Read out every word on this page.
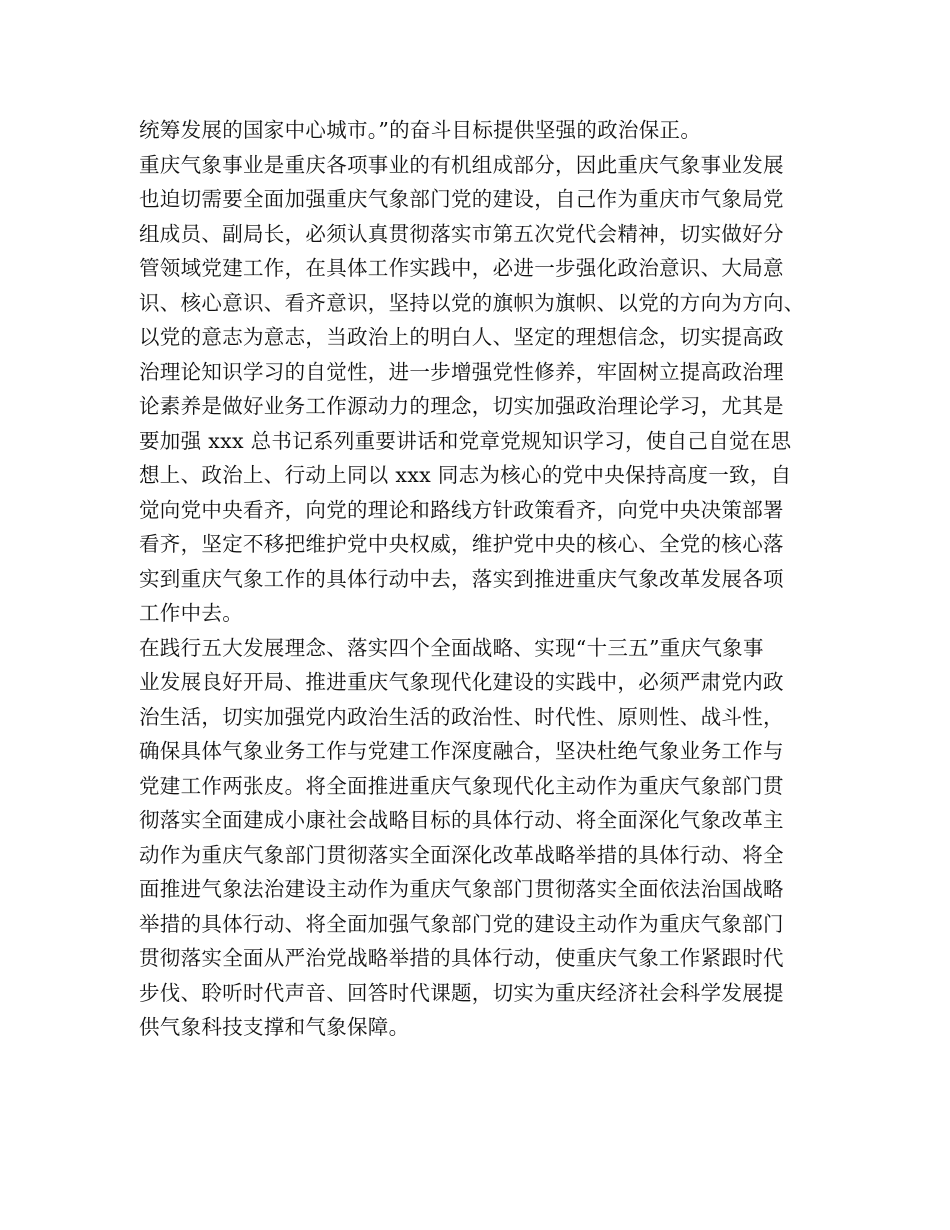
统筹发展的国家中心城市。”的奋斗目标提供坚强的政治保正。
重庆气象事业是重庆各项事业的有机组成部分，因此重庆气象事业发展
也迫切需要全面加强重庆气象部门党的建设，自己作为重庆市气象局党
组成员、副局长，必须认真贯彻落实市第五次党代会精神，切实做好分
管领域党建工作，在具体工作实践中，必进一步强化政治意识、大局意
识、核心意识、看齐意识，坚持以党的旗帜为旗帜、以党的方向为方向、
以党的意志为意志，当政治上的明白人、坚定的理想信念，切实提高政
治理论知识学习的自觉性，进一步增强党性修养，牢固树立提高政治理
论素养是做好业务工作源动力的理念，切实加强政治理论学习，尤其是
要加强 xxx 总书记系列重要讲话和党章党规知识学习，使自己自觉在思
想上、政治上、行动上同以 xxx 同志为核心的党中央保持高度一致，自
觉向党中央看齐，向党的理论和路线方针政策看齐，向党中央决策部署
看齐，坚定不移把维护党中央权威，维护党中央的核心、全党的核心落
实到重庆气象工作的具体行动中去，落实到推进重庆气象改革发展各项
工作中去。
在践行五大发展理念、落实四个全面战略、实现“十三五”重庆气象事
业发展良好开局、推进重庆气象现代化建设的实践中，必须严肃党内政
治生活，切实加强党内政治生活的政治性、时代性、原则性、战斗性，
确保具体气象业务工作与党建工作深度融合，坚决杜绝气象业务工作与
党建工作两张皮。将全面推进重庆气象现代化主动作为重庆气象部门贯
彻落实全面建成小康社会战略目标的具体行动、将全面深化气象改革主
动作为重庆气象部门贯彻落实全面深化改革战略举措的具体行动、将全
面推进气象法治建设主动作为重庆气象部门贯彻落实全面依法治国战略
举措的具体行动、将全面加强气象部门党的建设主动作为重庆气象部门
贯彻落实全面从严治党战略举措的具体行动，使重庆气象工作紧跟时代
步伐、聆听时代声音、回答时代课题，切实为重庆经济社会科学发展提
供气象科技支撑和气象保障。
